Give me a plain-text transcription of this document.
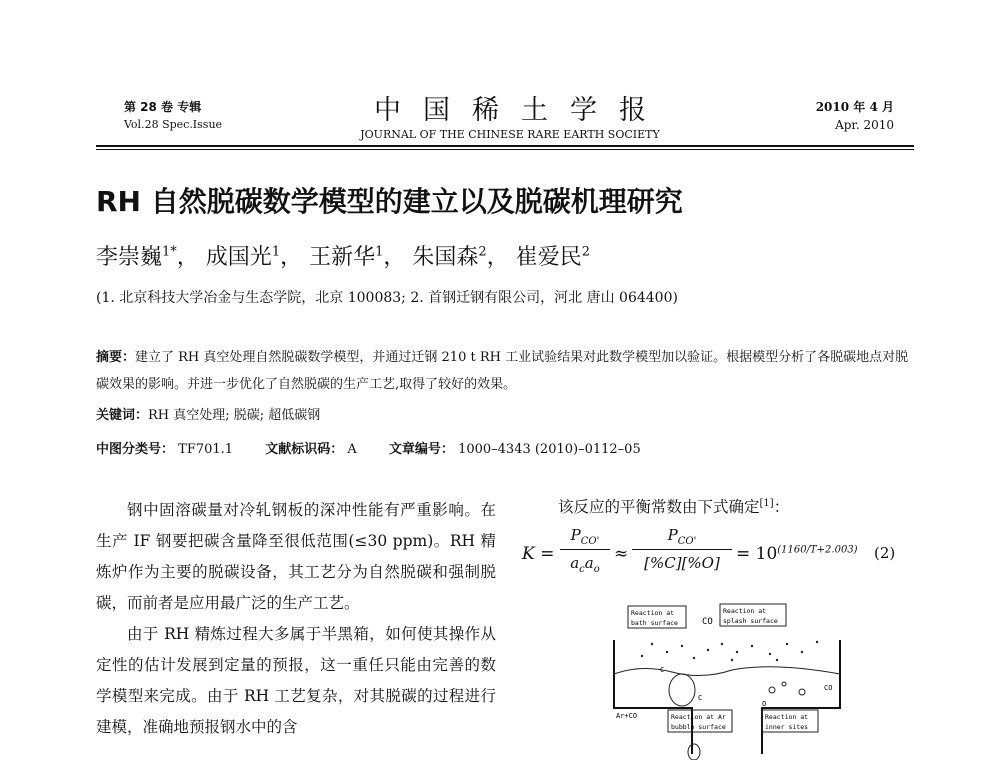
第 28 卷 专辑
Vol.28 Spec.Issue	中国稀土学报
JOURNAL OF THE CHINESE RARE EARTH SOCIETY
2010 年 4 月
Apr. 2010
RH 自然脱碳数学模型的建立以及脱碳机理研究
李崇巍$^{1*}$， 成国光$^1$， 王新华$^1$， 朱国森$^2$， 崔爱民$^2$
(1. 北京科技大学冶金与生态学院，北京 100083; 2. 首钢迁钢有限公司，河北 唐山 064400)
摘要：建立了 RH 真空处理自然脱碳数学模型，并通过迁钢 210 t RH 工业试验结果对此数学模型加以验证。根据模型分析了各脱碳地点对脱碳效果的影响。并进一步优化了自然脱碳的生产工艺,取得了较好的效果。
关键词：RH 真空处理; 脱碳; 超低碳钢
中图分类号： TF701.1 文献标识码： A 文章编号： 1000–4343 (2010)–0112–05

钢中固溶碳量对冷轧钢板的深冲性能有严重影响。在生产 IF 钢要把碳含量降至很低范围(≤30 ppm)。RH 精炼炉作为主要的脱碳设备，其工艺分为自然脱碳和强制脱碳，而前者是应用最广泛的生产工艺。

由于 RH 精炼过程大多属于半黑箱，如何使其操作从定性的估计发展到定量的预报，这一重任只能由完善的数学模型来完成。由于 RH 工艺复杂，对其脱碳的过程进行建模，准确地预报钢水中的含

该反应的平衡常数由下式确定[1]：
K =
$P_{CO'}$
$a_ca_o$
≈
$P_{CO'}$
$[\%C][\%O] = 10^{(1160/T+2.003)}$ (2)
Reaction at
bath surface	CO
Reaction at
splash surface
C
C
O
CO
Ar+CO	Reaction at Ar
bubble surface
Reaction at
inner sites
